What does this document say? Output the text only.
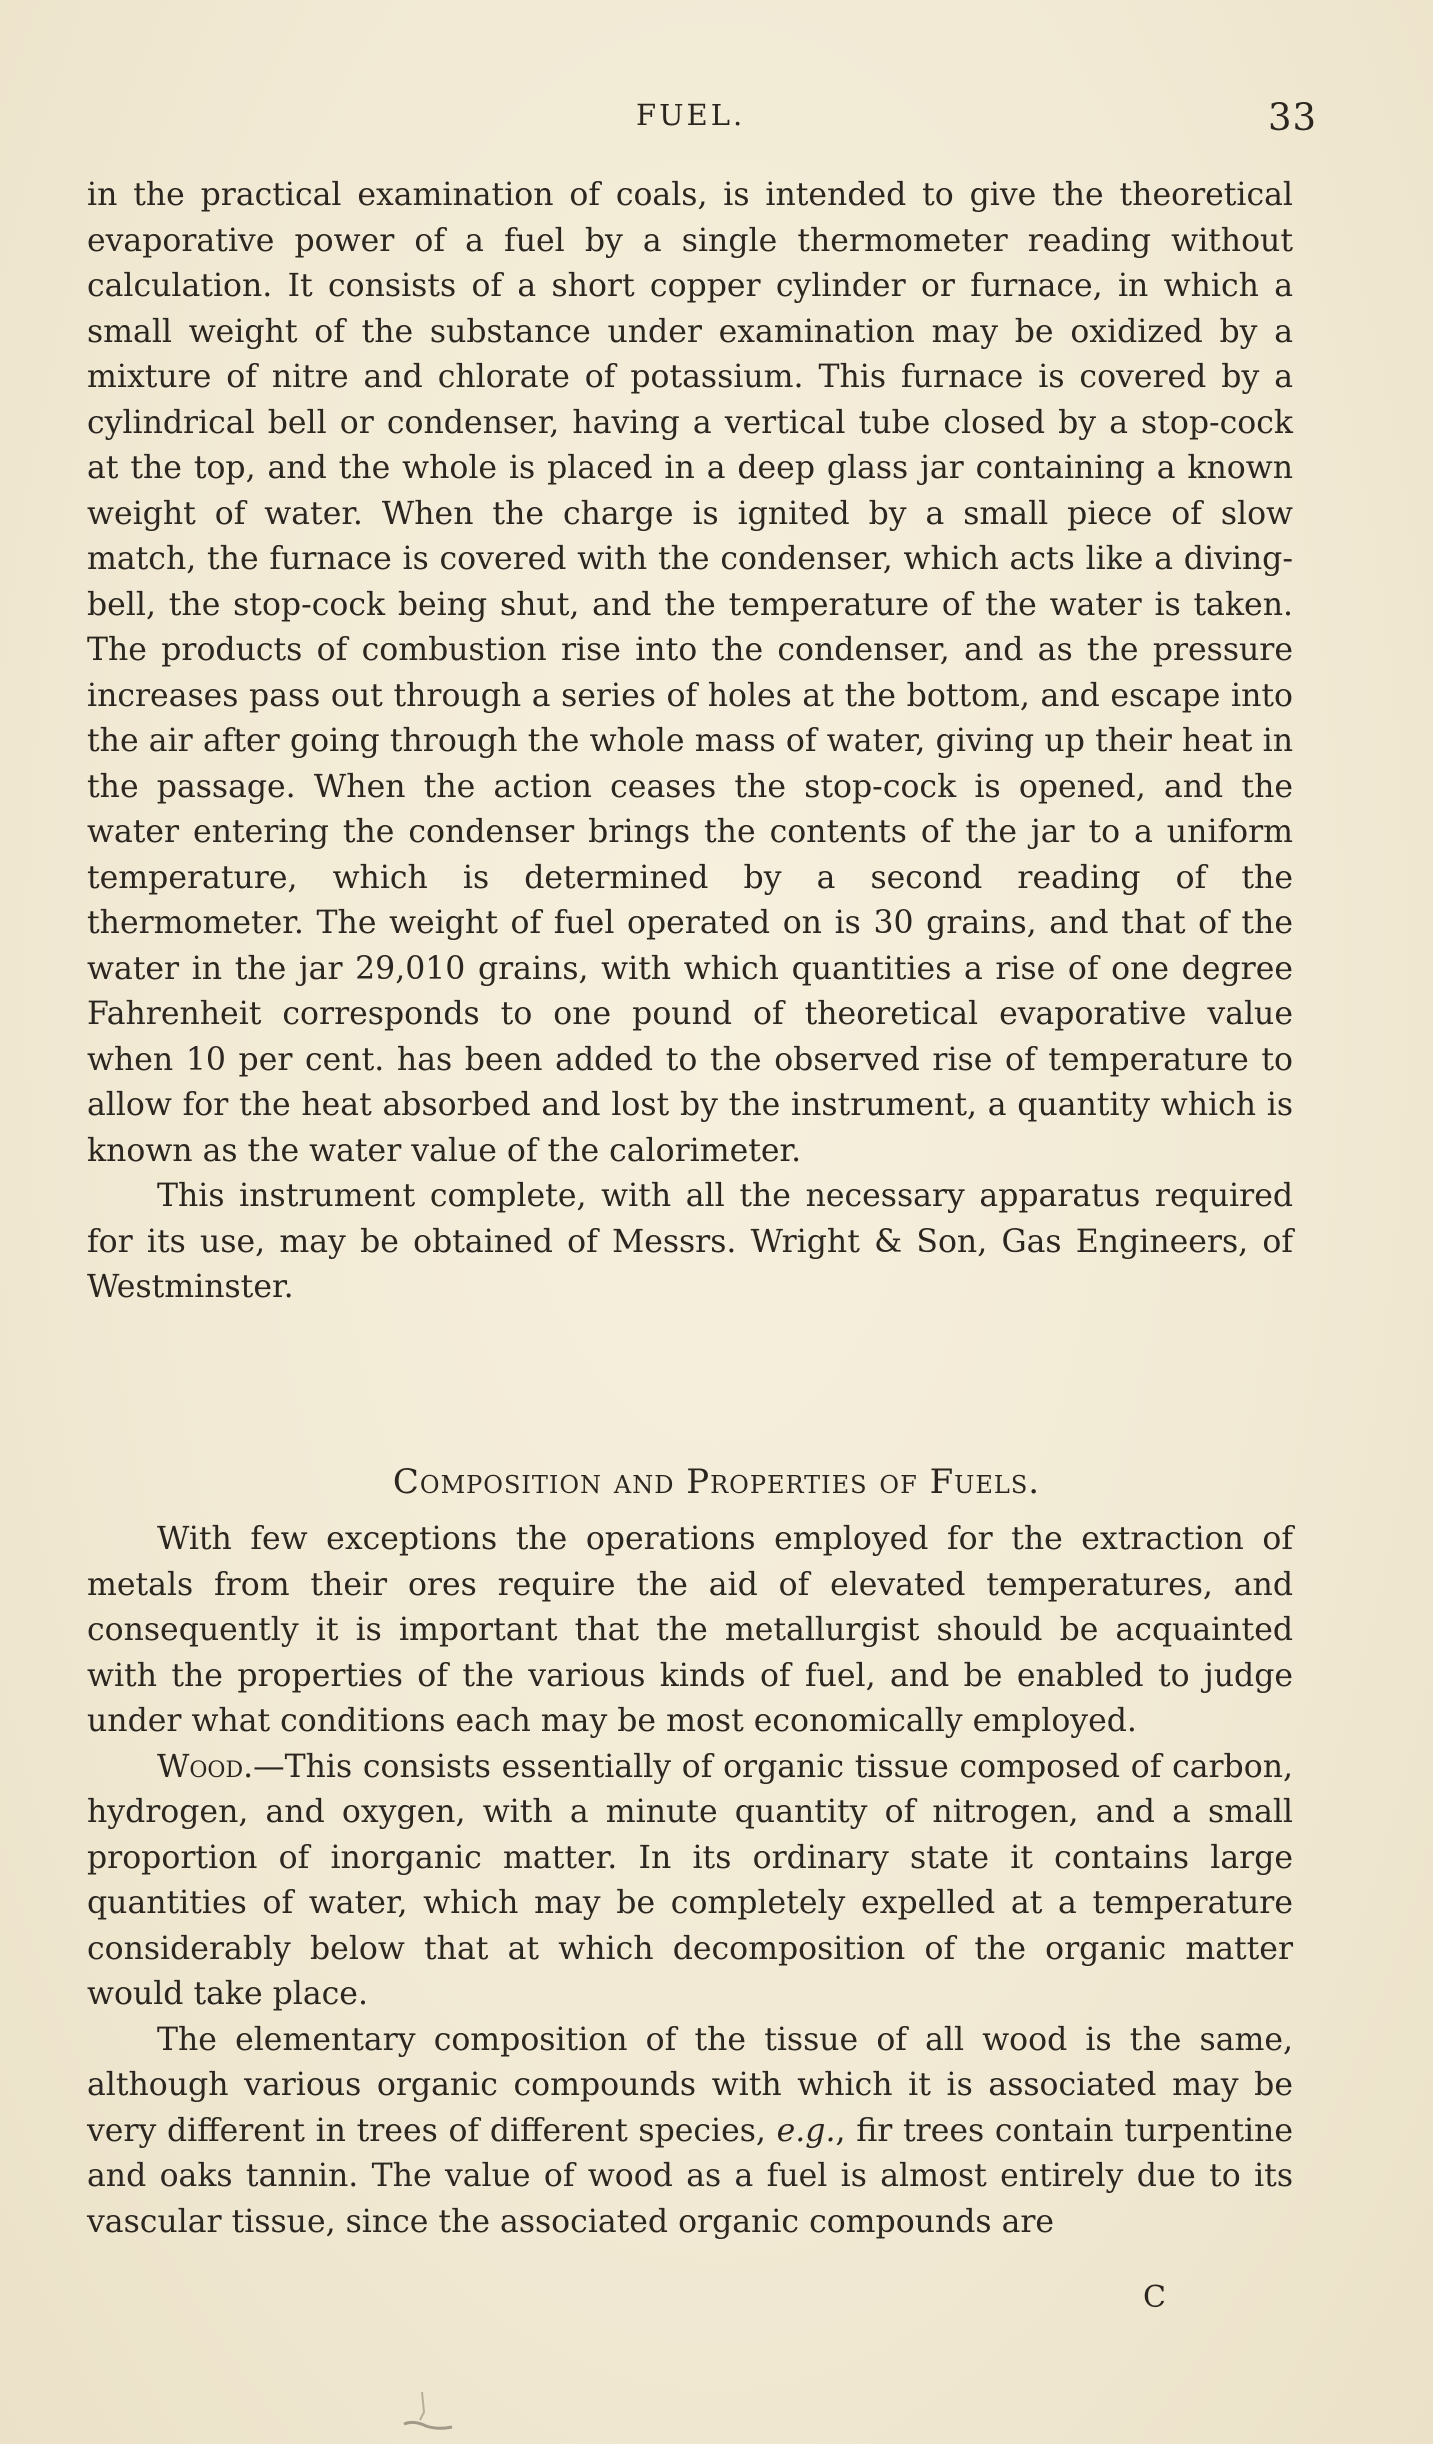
FUEL.	33

in the practical examination of coals, is intended to give the theoretical evaporative power of a fuel by a single thermometer reading without calculation. It consists of a short copper cylinder or furnace, in which a small weight of the substance under examination may be oxidized by a mixture of nitre and chlorate of potassium. This furnace is covered by a cylindrical bell or condenser, having a vertical tube closed by a stop-cock at the top, and the whole is placed in a deep glass jar containing a known weight of water. When the charge is ignited by a small piece of slow match, the furnace is covered with the condenser, which acts like a diving-bell, the stop-cock being shut, and the temperature of the water is taken. The products of combustion rise into the condenser, and as the pressure increases pass out through a series of holes at the bottom, and escape into the air after going through the whole mass of water, giving up their heat in the passage. When the action ceases the stop-cock is opened, and the water entering the condenser brings the contents of the jar to a uniform temperature, which is determined by a second reading of the thermometer. The weight of fuel operated on is 30 grains, and that of the water in the jar 29,010 grains, with which quantities a rise of one degree Fahrenheit corresponds to one pound of theoretical evaporative value when 10 per cent. has been added to the observed rise of temperature to allow for the heat absorbed and lost by the instrument, a quantity which is known as the water value of the calorimeter.

This instrument complete, with all the necessary apparatus required for its use, may be obtained of Messrs. Wright & Son, Gas Engineers, of Westminster.

Composition and Properties of Fuels.

With few exceptions the operations employed for the extraction of metals from their ores require the aid of elevated temperatures, and consequently it is important that the metallurgist should be acquainted with the properties of the various kinds of fuel, and be enabled to judge under what conditions each may be most economically employed.

Wood.—This consists essentially of organic tissue composed of carbon, hydrogen, and oxygen, with a minute quantity of nitrogen, and a small proportion of inorganic matter. In its ordinary state it contains large quantities of water, which may be completely expelled at a temperature considerably below that at which decomposition of the organic matter would take place.

The elementary composition of the tissue of all wood is the same, although various organic compounds with which it is associated may be very different in trees of different species, e.g., fir trees contain turpentine and oaks tannin. The value of wood as a fuel is almost entirely due to its vascular tissue, since the associated organic compounds are

C
